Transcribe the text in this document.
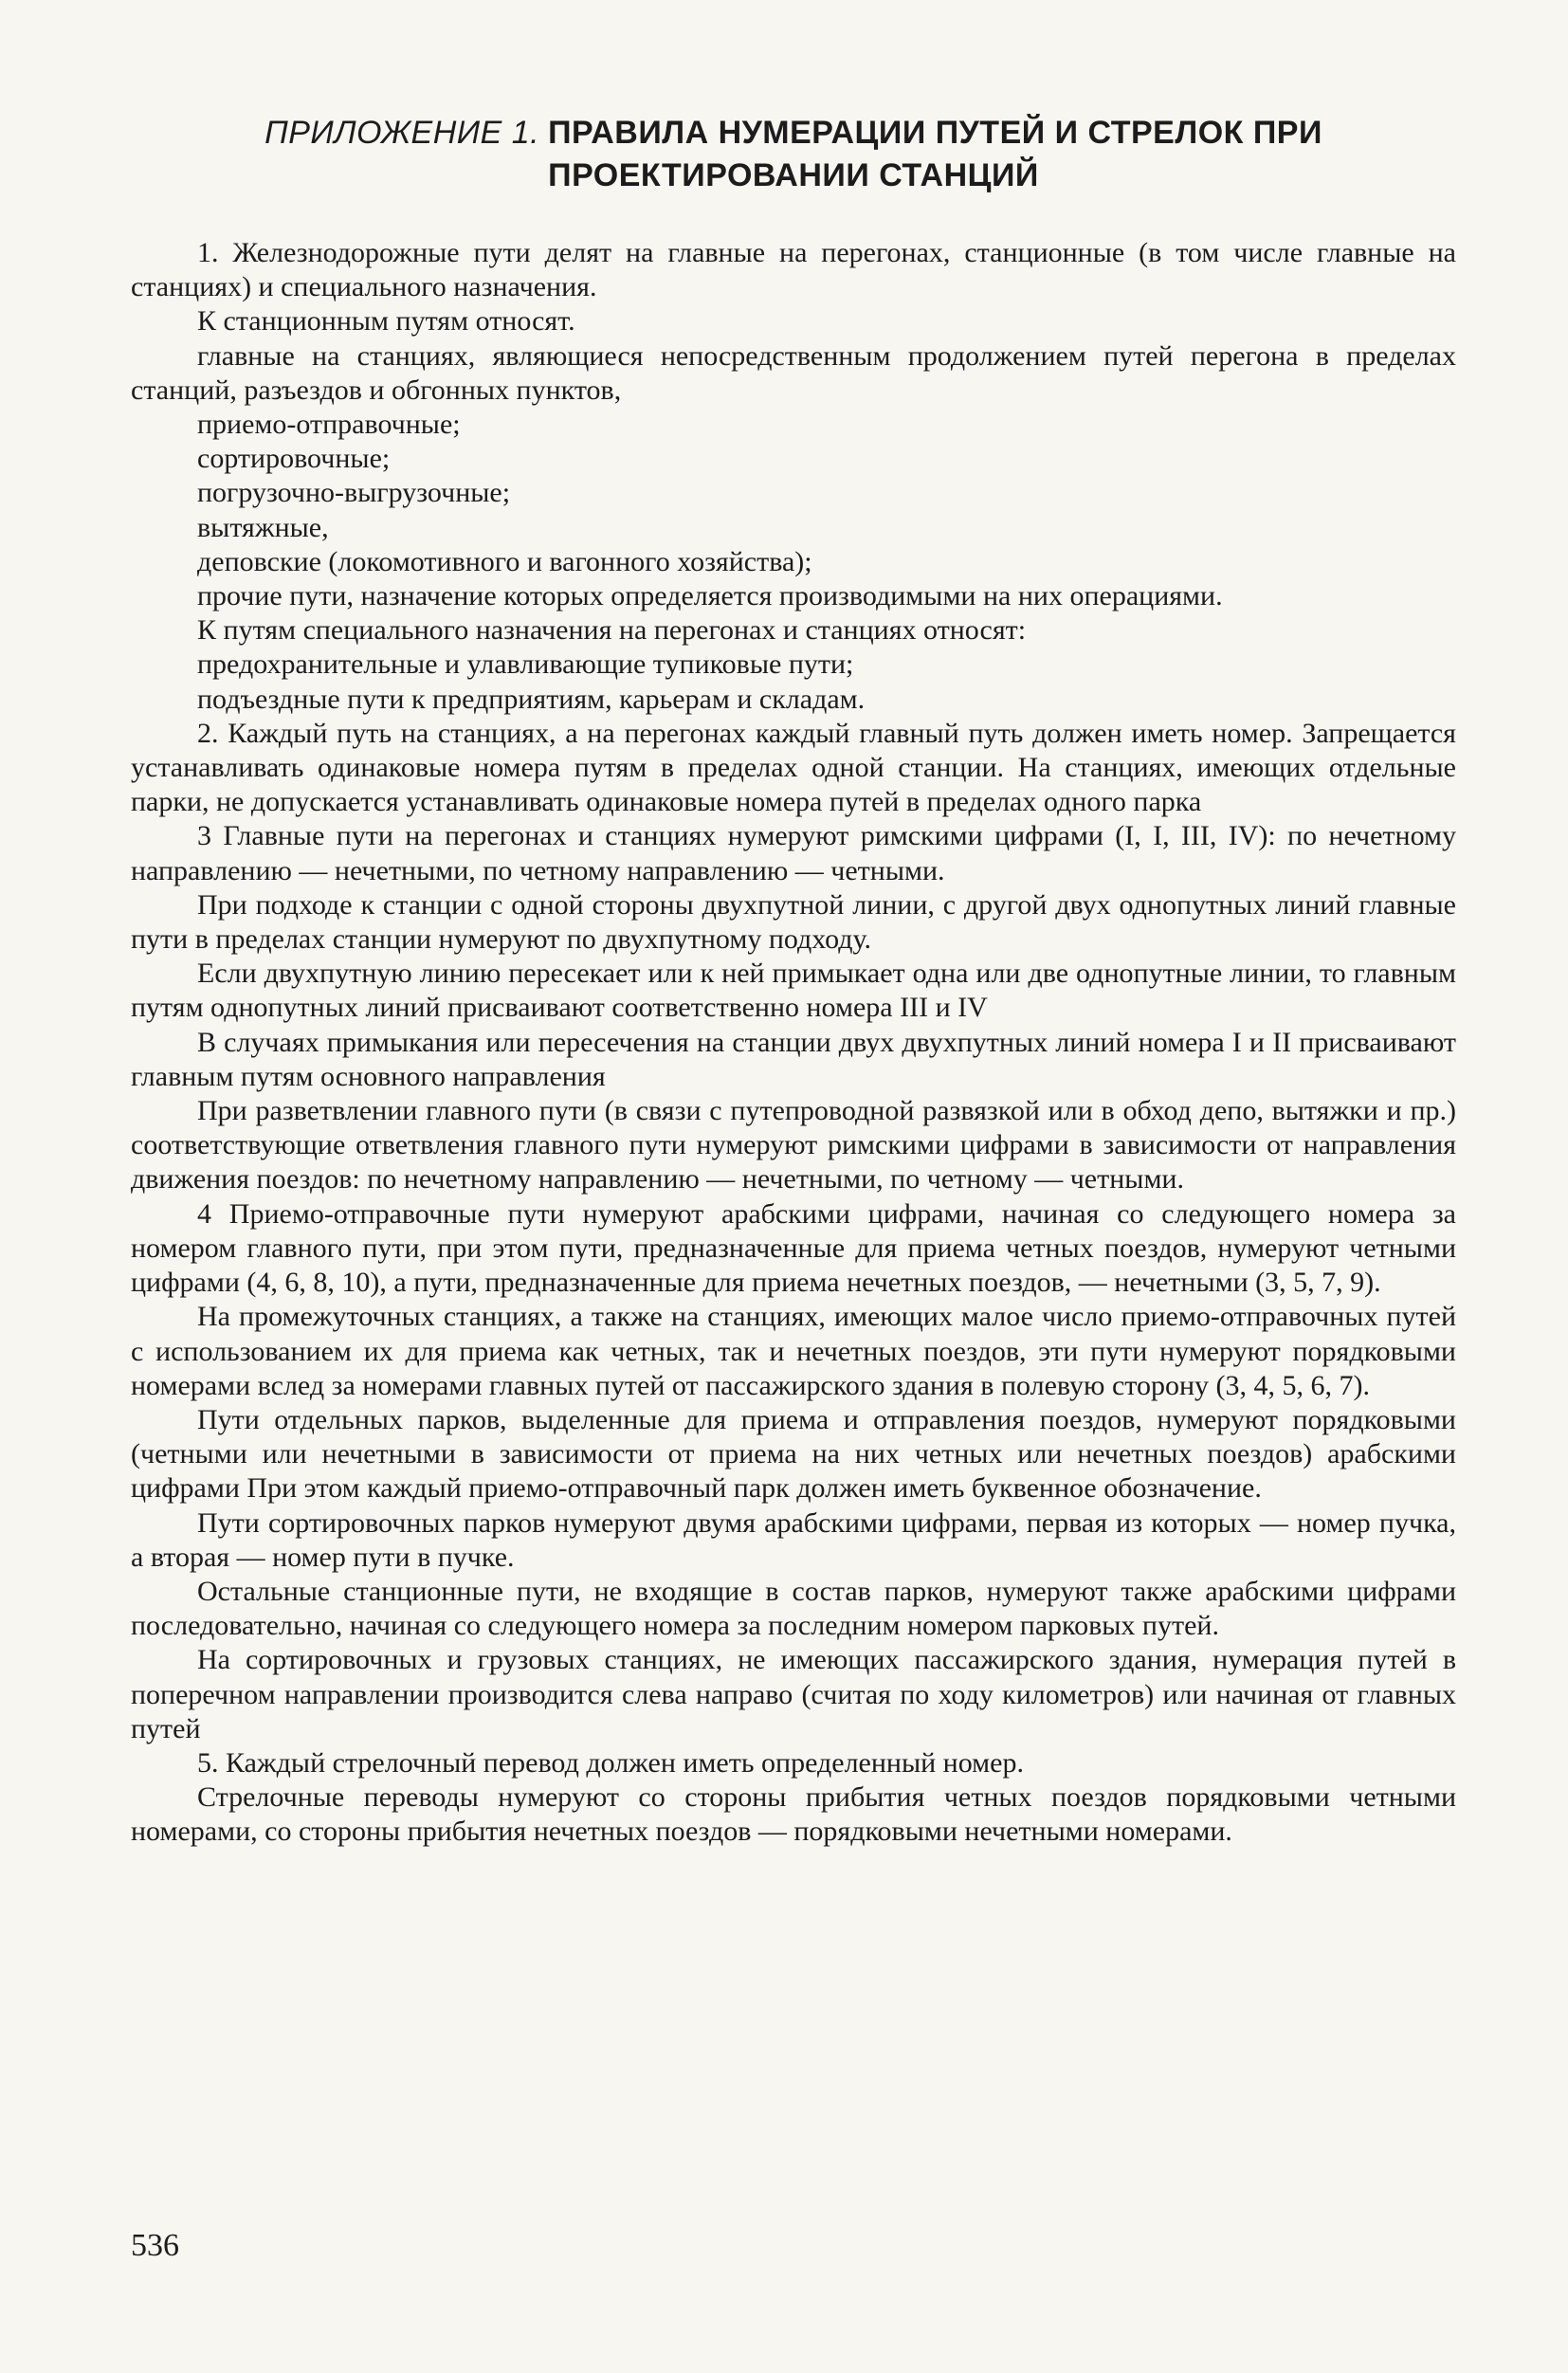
ПРИЛОЖЕНИЕ 1. ПРАВИЛА НУМЕРАЦИИ ПУТЕЙ И СТРЕЛОК ПРИ
ПРОЕКТИРОВАНИИ СТАНЦИЙ

1. Железнодорожные пути делят на главные на перегонах, станционные (в том числе главные на станциях) и специального назначения.

К станционным путям относят.

главные на станциях, являющиеся непосредственным продолжением путей перегона в пределах станций, разъездов и обгонных пунктов,

приемо-отправочные;

сортировочные;

погрузочно-выгрузочные;

вытяжные,

деповские (локомотивного и вагонного хозяйства);

прочие пути, назначение которых определяется производимыми на них операциями.

К путям специального назначения на перегонах и станциях относят:

предохранительные и улавливающие тупиковые пути;

подъездные пути к предприятиям, карьерам и складам.

2. Каждый путь на станциях, а на перегонах каждый главный путь должен иметь номер. Запрещается устанавливать одинаковые номера путям в пределах одной станции. На станциях, имеющих отдельные парки, не допускается устанавливать одинаковые номера путей в пределах одного парка

3 Главные пути на перегонах и станциях нумеруют римскими цифрами (I, I, III, IV): по нечетному направлению — нечетными, по четному направлению — четными.

При подходе к станции с одной стороны двухпутной линии, с другой двух однопутных линий главные пути в пределах станции нумеруют по двухпутному подходу.

Если двухпутную линию пересекает или к ней примыкает одна или две однопутные линии, то главным путям однопутных линий присваивают соответственно номера III и IV

В случаях примыкания или пересечения на станции двух двухпутных линий номера I и II присваивают главным путям основного направления

При разветвлении главного пути (в связи с путепроводной развязкой или в обход депо, вытяжки и пр.) соответствующие ответвления главного пути нумеруют римскими цифрами в зависимости от направления движения поездов: по нечетному направлению — нечетными, по четному — четными.

4 Приемо-отправочные пути нумеруют арабскими цифрами, начиная со следующего номера за номером главного пути, при этом пути, предназначенные для приема четных поездов, нумеруют четными цифрами (4, 6, 8, 10), а пути, предназначенные для приема нечетных поездов, — нечетными (3, 5, 7, 9).

На промежуточных станциях, а также на станциях, имеющих малое число приемо-отправочных путей с использованием их для приема как четных, так и нечетных поездов, эти пути нумеруют порядковыми номерами вслед за номерами главных путей от пассажирского здания в полевую сторону (3, 4, 5, 6, 7).

Пути отдельных парков, выделенные для приема и отправления поездов, нумеруют порядковыми (четными или нечетными в зависимости от приема на них четных или нечетных поездов) арабскими цифрами При этом каждый приемо-отправочный парк должен иметь буквенное обозначение.

Пути сортировочных парков нумеруют двумя арабскими цифрами, первая из которых — номер пучка, а вторая — номер пути в пучке.

Остальные станционные пути, не входящие в состав парков, нумеруют также арабскими цифрами последовательно, начиная со следующего номера за последним номером парковых путей.

На сортировочных и грузовых станциях, не имеющих пассажирского здания, нумерация путей в поперечном направлении производится слева направо (считая по ходу километров) или начиная от главных путей

5. Каждый стрелочный перевод должен иметь определенный номер.

Стрелочные переводы нумеруют со стороны прибытия четных поездов порядковыми четными номерами, со стороны прибытия нечетных поездов — порядковыми нечетными номерами.

536
